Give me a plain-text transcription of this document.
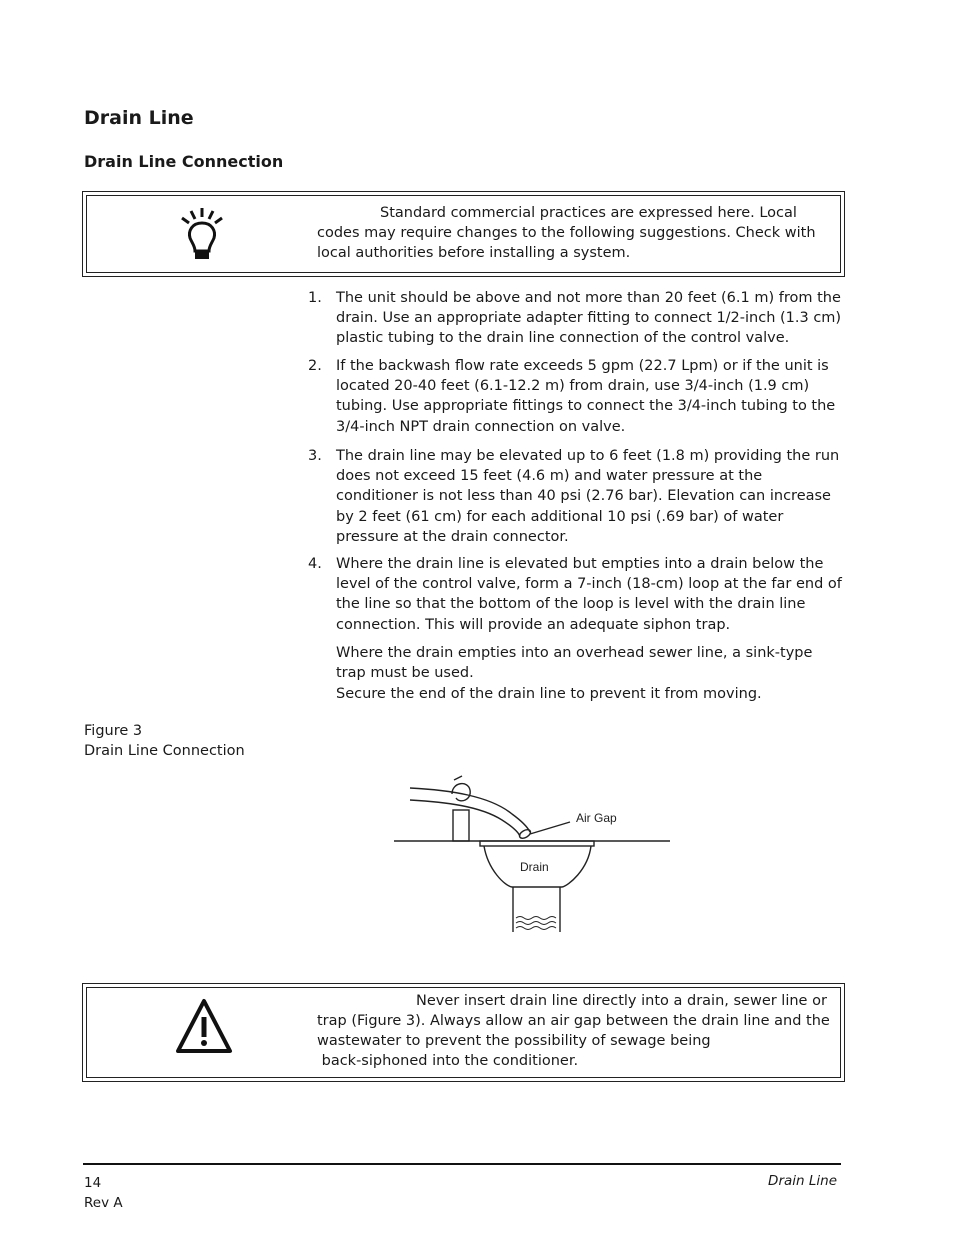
Drain Line
Drain Line Connection
Standard commercial practices are expressed here. Local
codes may require changes to the following suggestions. Check with
local authorities before installing a system.
1. The unit should be above and not more than 20 feet (6.1 m) from the drain. Use an appropriate adapter fitting to connect 1/2-inch (1.3 cm) plastic tubing to the drain line connection of the control valve.
2. If the backwash flow rate exceeds 5 gpm (22.7 Lpm) or if the unit is located 20-40 feet (6.1-12.2 m) from drain, use 3/4-inch (1.9 cm) tubing. Use appropriate fittings to connect the 3/4-inch tubing to the 3/4-inch NPT drain connection on valve.
3. The drain line may be elevated up to 6 feet (1.8 m) providing the run does not exceed 15 feet (4.6 m) and water pressure at the conditioner is not less than 40 psi (2.76 bar). Elevation can increase by 2 feet (61 cm) for each additional 10 psi (.69 bar) of water pressure at the drain connector.
4. Where the drain line is elevated but empties into a drain below the level of the control valve, form a 7-inch (18-cm) loop at the far end of the line so that the bottom of the loop is level with the drain line connection. This will provide an adequate siphon trap.
Where the drain empties into an overhead sewer line, a sink-type trap must be used.
Secure the end of the drain line to prevent it from moving.
Figure 3
Drain Line Connection
Air Gap
Drain
Never insert drain line directly into a drain, sewer line or
trap (Figure 3). Always allow an air gap between the drain line and the
wastewater to prevent the possibility of sewage being
back-siphoned into the conditioner.
14
Rev A
Drain Line
